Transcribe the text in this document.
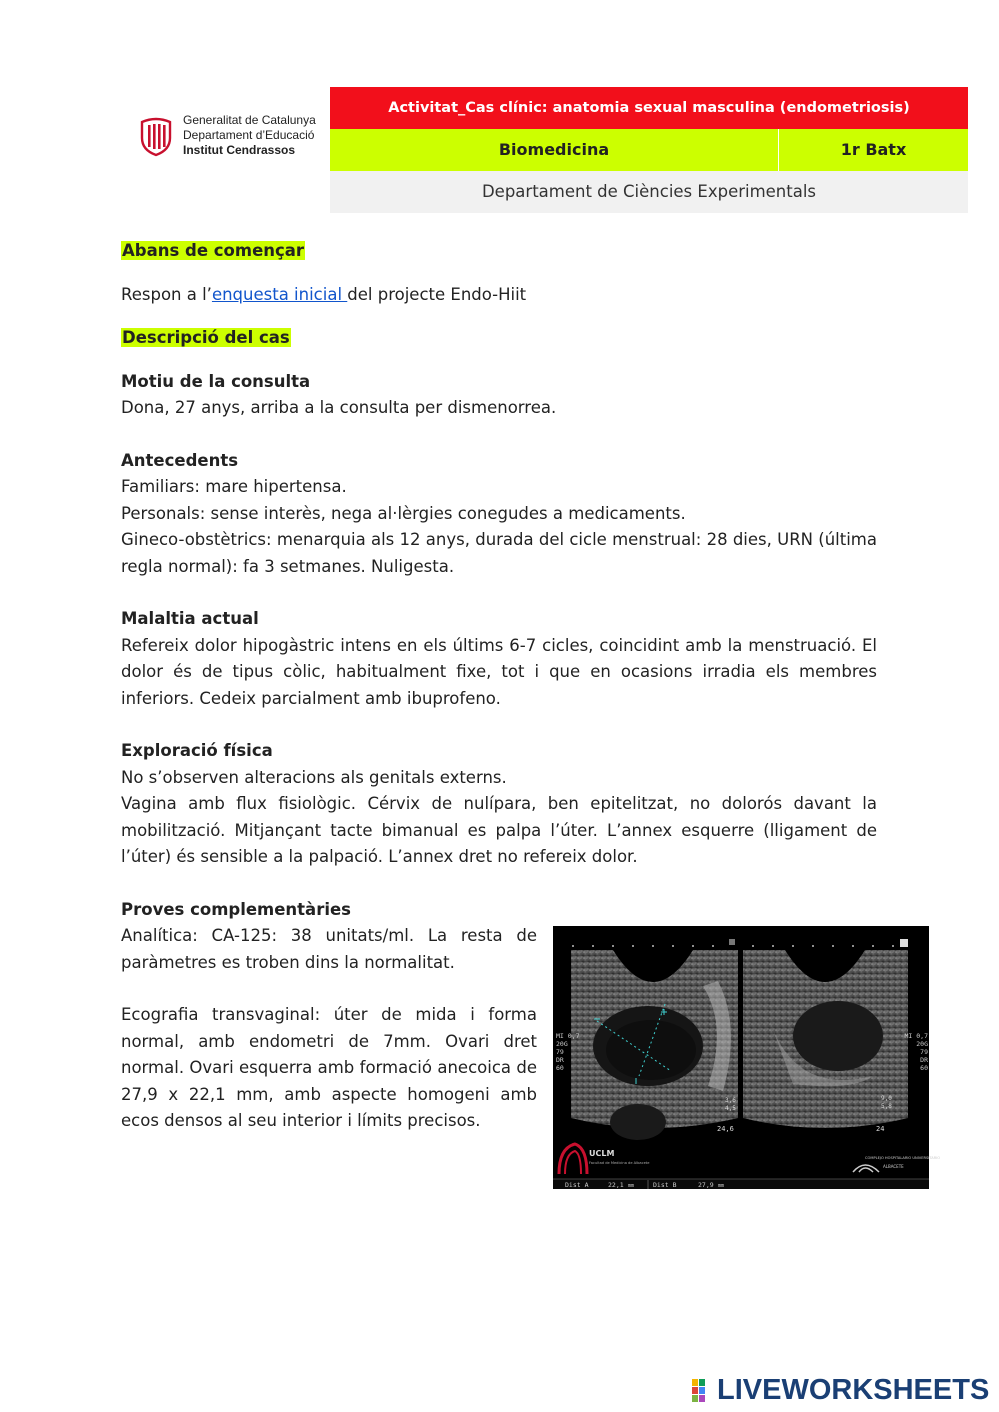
Generalitat de Catalunya
Departament d’Educació
Institut Cendrassos
Activitat_Cas clínic: anatomia sexual masculina (endometriosis)
Biomedicina	1r Batx
Departament de Ciències Experimentals

Abans de començar

Respon a l’enquesta inicial del projecte Endo-Hiit

Descripció del cas

Motiu de la consulta

Dona, 27 anys, arriba a la consulta per dismenorrea.

Antecedents

Familiars: mare hipertensa.

Personals: sense interès, nega al·lèrgies conegudes a medicaments.

Gineco-obstètrics: menarquia als 12 anys, durada del cicle menstrual: 28 dies, URN (última regla normal): fa 3 setmanes. Nuligesta.

Malaltia actual

Refereix dolor hipogàstric intens en els últims 6-7 cicles, coincidint amb la menstruació. El dolor és de tipus còlic, habitualment fixe, tot i que en ocasions irradia els membres inferiors. Cedeix parcialment amb ibuprofeno.

Exploració física

No s’observen alteracions als genitals externs.

Vagina amb flux fisiològic. Cérvix de nulípara, ben epitelitzat, no dolorós davant la mobilització. Mitjançant tacte bimanual es palpa l’úter. L’annex esquerre (lligament de l’úter) és sensible a la palpació. L’annex dret no refereix dolor.

Proves complementàries

Analítica: CA-125: 38 unitats/ml. La resta de paràmetres es troben dins la normalitat.

Ecografia transvaginal: úter de mida i forma normal, amb endometri de 7mm. Ovari dret normal. Ovari esquerra amb formació anecoica de 27,9 x 22,1 mm, amb aspecte homogeni amb ecos densos al seu interior i límits precisos.

MI 0,7
20G
79
DR
60
MI 0,7
20G
79
DR
60
3,6
4,5
9,0
5,8
24,6	24
UCLM
Facultad de Medicina de Albacete
COMPLEJO HOSPITALARIO UNIVERSITARIO
ALBACETE
Dist A	22,1 mm	Dist B	27,9 mm
LIVEWORKSHEETS
